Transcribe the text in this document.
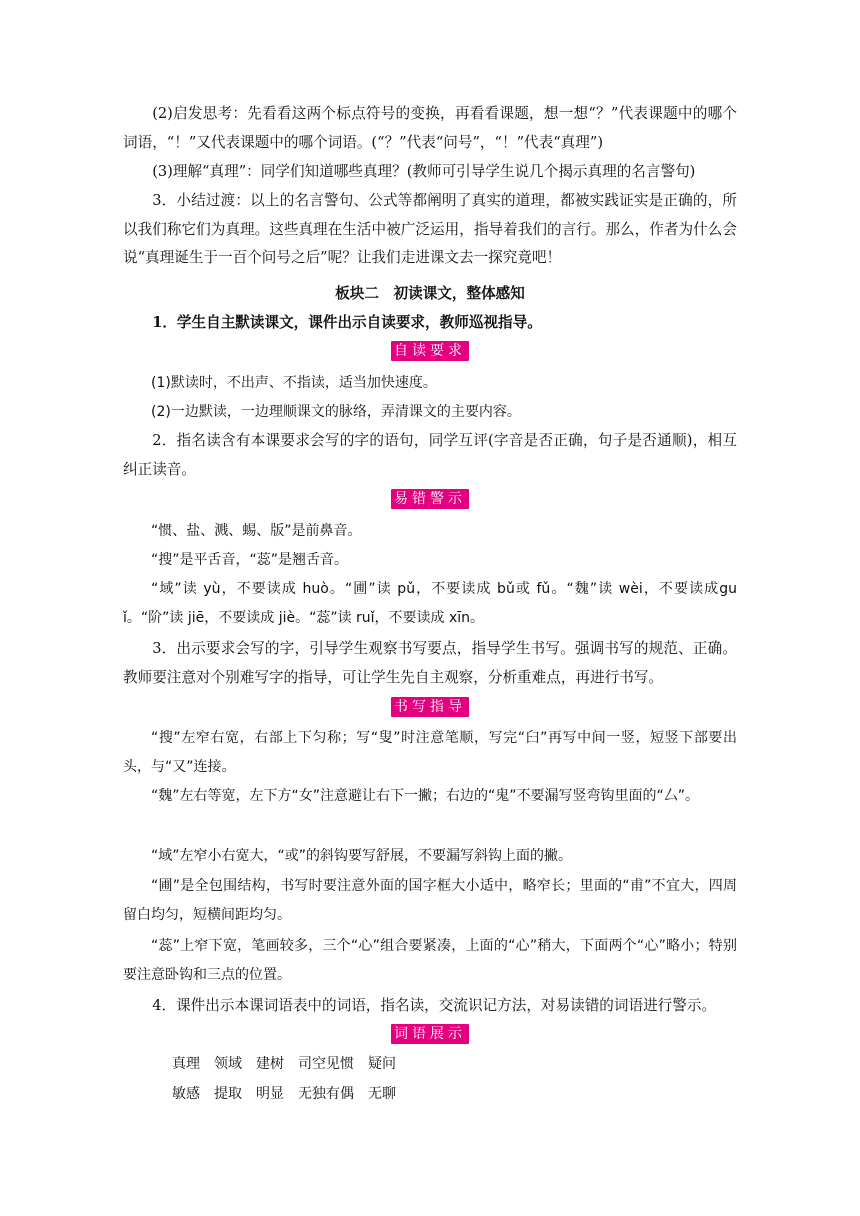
(2)启发思考：先看看这两个标点符号的变换，再看看课题，想一想“？”代表课题中的哪个词语，“！”又代表课题中的哪个词语。(“？”代表“问号”，“！”代表“真理”)
(3)理解“真理”：同学们知道哪些真理？(教师可引导学生说几个揭示真理的名言警句)
3．小结过渡：以上的名言警句、公式等都阐明了真实的道理，都被实践证实是正确的，所以我们称它们为真理。这些真理在生活中被广泛运用，指导着我们的言行。那么，作者为什么会说“真理诞生于一百个问号之后”呢？让我们走进课文去一探究竟吧！
板块二　初读课文，整体感知
1．学生自主默读课文，课件出示自读要求，教师巡视指导。
自读要求
(1)默读时，不出声、不指读，适当加快速度。
(2)一边默读，一边理顺课文的脉络，弄清课文的主要内容。
2．指名读含有本课要求会写的字的语句，同学互评(字音是否正确，句子是否通顺)，相互纠正读音。
易错警示
“惯、盐、溅、蜴、版”是前鼻音。
“搜”是平舌音，“蕊”是翘舌音。
“域”读 yù，不要读成 huò。“圃”读 pǔ，不要读成 bǔ或 fǔ。“魏”读 wèi，不要读成guǐ。“阶”读 jiē，不要读成 jiè。“蕊”读 ruǐ，不要读成 xīn。
3．出示要求会写的字，引导学生观察书写要点，指导学生书写。强调书写的规范、正确。教师要注意对个别难写字的指导，可让学生先自主观察，分析重难点，再进行书写。
书写指导
“搜”左窄右宽，右部上下匀称；写“叟”时注意笔顺，写完“臼”再写中间一竖，短竖下部要出头，与“又”连接。
“魏”左右等宽，左下方“女”注意避让右下一撇；右边的“鬼”不要漏写竖弯钩里面的“厶”。
“域”左窄小右宽大，“或”的斜钩要写舒展，不要漏写斜钩上面的撇。
“圃”是全包围结构，书写时要注意外面的国字框大小适中，略窄长；里面的“甫”不宜大，四周留白均匀，短横间距均匀。
“蕊”上窄下宽，笔画较多，三个“心”组合要紧凑，上面的“心”稍大，下面两个“心”略小；特别要注意卧钩和三点的位置。
4．课件出示本课词语表中的词语，指名读，交流识记方法，对易读错的词语进行警示。
词语展示
真理　领域　建树　司空见惯　疑问
敏感　提取　明显　无独有偶　无聊
